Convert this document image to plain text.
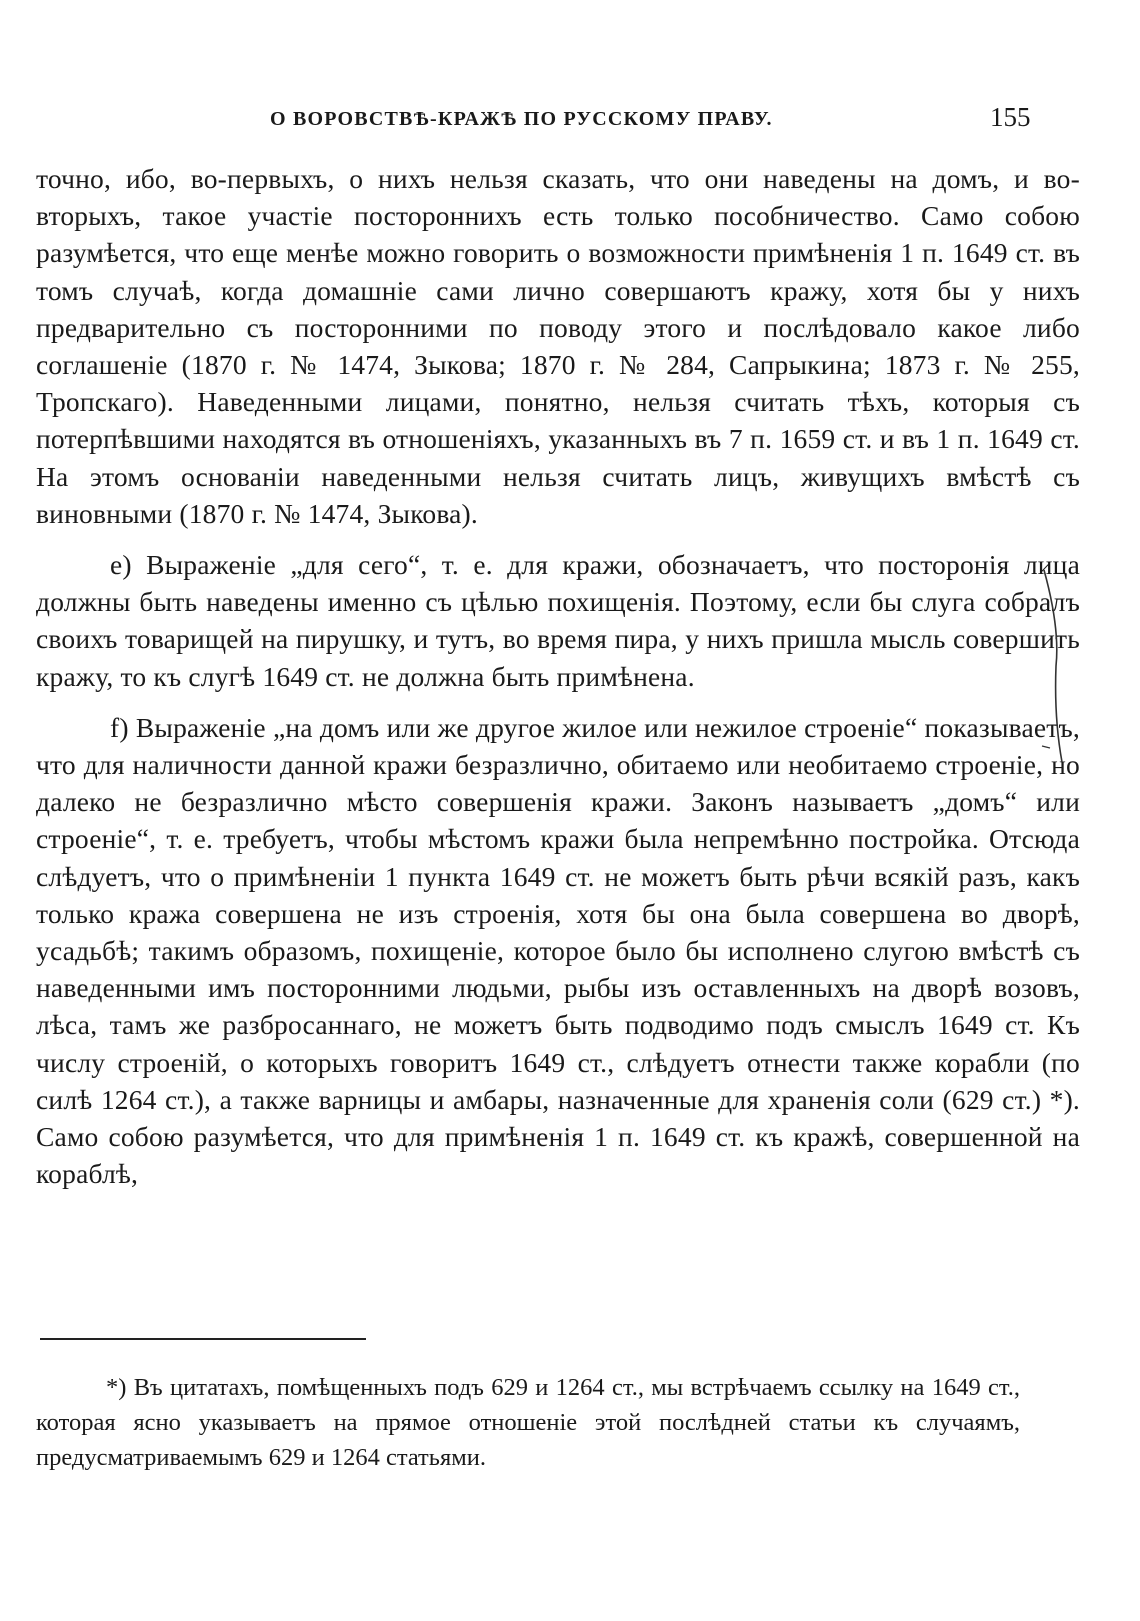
О ВОРОВСТВѢ-КРАЖѢ ПО РУССКОМУ ПРАВУ.	155

точно, ибо, во-первыхъ, о нихъ нельзя сказать, что они наведены на домъ, и во-вторыхъ, такое участіе постороннихъ есть только пособничество. Само собою разумѣется, что еще менѣе можно говорить о возможности примѣненія 1 п. 1649 ст. въ томъ случаѣ, когда домашніе сами лично совершаютъ кражу, хотя бы у нихъ предварительно съ посторонними по поводу этого и послѣдовало какое либо соглашеніе (1870 г. № 1474, Зыкова; 1870 г. № 284, Сапрыкина; 1873 г. № 255, Тропскаго). Наведенными лицами, понятно, нельзя считать тѣхъ, которыя съ потерпѣвшими находятся въ отношеніяхъ, указанныхъ въ 7 п. 1659 ст. и въ 1 п. 1649 ст. На этомъ основаніи наведенными нельзя считать лицъ, живущихъ вмѣстѣ съ виновными (1870 г. № 1474, Зыкова).

e) Выраженіе „для сего“, т. е. для кражи, обозначаетъ, что посторонія лица должны быть наведены именно съ цѣлью похищенія. Поэтому, если бы слуга собралъ своихъ товарищей на пирушку, и тутъ, во время пира, у нихъ пришла мысль совершить кражу, то къ слугѣ 1649 ст. не должна быть примѣнена.

f) Выраженіе „на домъ или же другое жилое или нежилое строеніе“ показываетъ, что для наличности данной кражи безразлично, обитаемо или необитаемо строеніе, но далеко не безразлично мѣсто совершенія кражи. Законъ называетъ „домъ“ или строеніе“, т. е. требуетъ, чтобы мѣстомъ кражи была непремѣнно постройка. Отсюда слѣдуетъ, что о примѣненіи 1 пункта 1649 ст. не можетъ быть рѣчи всякій разъ, какъ только кража совершена не изъ строенія, хотя бы она была совершена во дворѣ, усадьбѣ; такимъ образомъ, похищеніе, которое было бы исполнено слугою вмѣстѣ съ наведенными имъ посторонними людьми, рыбы изъ оставленныхъ на дворѣ возовъ, лѣса, тамъ же разбросаннаго, не можетъ быть подводимо подъ смыслъ 1649 ст. Къ числу строеній, о которыхъ говоритъ 1649 ст., слѣдуетъ отнести также корабли (по силѣ 1264 ст.), а также варницы и амбары, назначенные для храненія соли (629 ст.) *). Само собою разумѣется, что для примѣненія 1 п. 1649 ст. къ кражѣ, совершенной на кораблѣ,

*) Въ цитатахъ, помѣщенныхъ подъ 629 и 1264 ст., мы встрѣчаемъ ссылку на 1649 ст., которая ясно указываетъ на прямое отношеніе этой послѣдней статьи къ случаямъ, предусматриваемымъ 629 и 1264 статьями.
